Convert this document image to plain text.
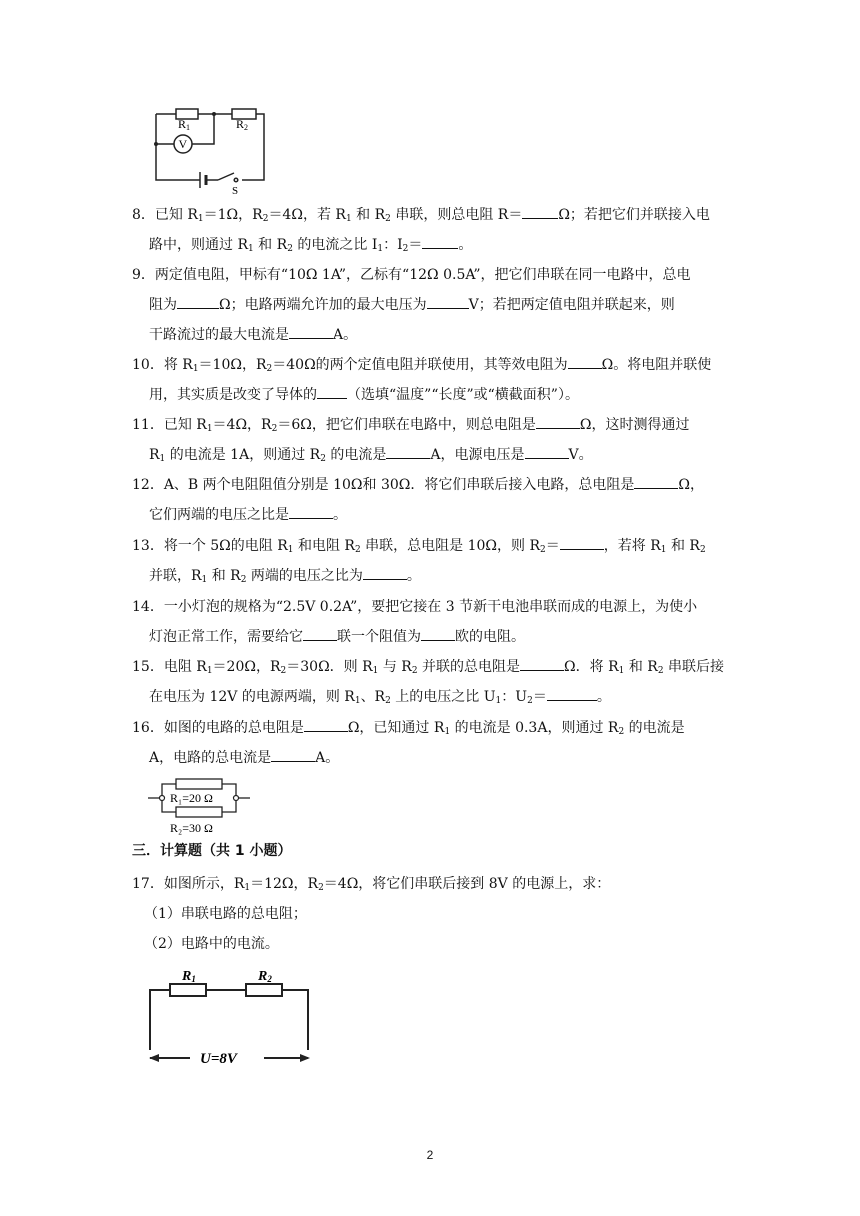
R1	R2
V
S
8．已知 $R_1=1\Omega$，$R_2=4\Omega$，若 $R_1$ 和 $R_2$ 串联，则总电阻 R＝	Ω；若把它们并联接入电
路中，则通过 $R_1$ 和 $R_2$ 的电流之比 $I_1$：$I_2=$	。
9．两定值电阻，甲标有“10Ω 1A”，乙标有“12Ω 0.5A”，把它们串联在同一电路中，总电
阻为	Ω；电路两端允许加的最大电压为	V；若把两定值电阻并联起来，则
干路流过的最大电流是	A。
10．将 $R_1=10\Omega$，$R_2=40\Omega$的两个定值电阻并联使用，其等效电阻为 Ω。将电阻并联使
用，其实质是改变了导体的 （选填“温度”“长度”或“横截面积”）。
11．已知 $R_1=4\Omega$，$R_2=6\Omega$，把它们串联在电路中，则总电阻是	Ω，这时测得通过
$R_1$ 的电流是 1A，则通过 $R_2$ 的电流是	A，电源电压是	V。
12．A、B 两个电阻阻值分别是 10Ω和 30Ω．将它们串联后接入电路，总电阻是	Ω，
它们两端的电压之比是	。
13．将一个 5Ω的电阻 $R_1$ 和电阻 $R_2$ 串联，总电阻是 10Ω，则 $R_2=$	，若将 $R_1$ 和 $R_2$
并联，$R_1$ 和 $R_2$ 两端的电压之比为	。
14．一小灯泡的规格为“2.5V 0.2A”，要把它接在 3 节新干电池串联而成的电源上，为使小
灯泡正常工作，需要给它 联一个阻值为 欧的电阻。
15．电阻 $R_1=20\Omega$，$R_2=30\Omega$．则 $R_1$ 与 $R_2$ 并联的总电阻是	Ω．将 $R_1$ 和 $R_2$ 串联后接
在电压为 12V 的电源两端，则 $R_1$、$R_2$ 上的电压之比 $U_1$：$U_2=$	。
16．如图的电路的总电阻是	Ω，已知通过 $R_1$ 的电流是 0.3A，则通过 $R_2$ 的电流是
A，电路的总电流是	A。
R₁=20 Ω
R₂=30 Ω
三．计算题（共 1 小题）
17．如图所示，$R_1=12\Omega$，$R_2=4\Omega$，将它们串联后接到 8V 的电源上，求：
（1）串联电路的总电阻；
（2）电路中的电流。
R1	R2
U=8V
2
